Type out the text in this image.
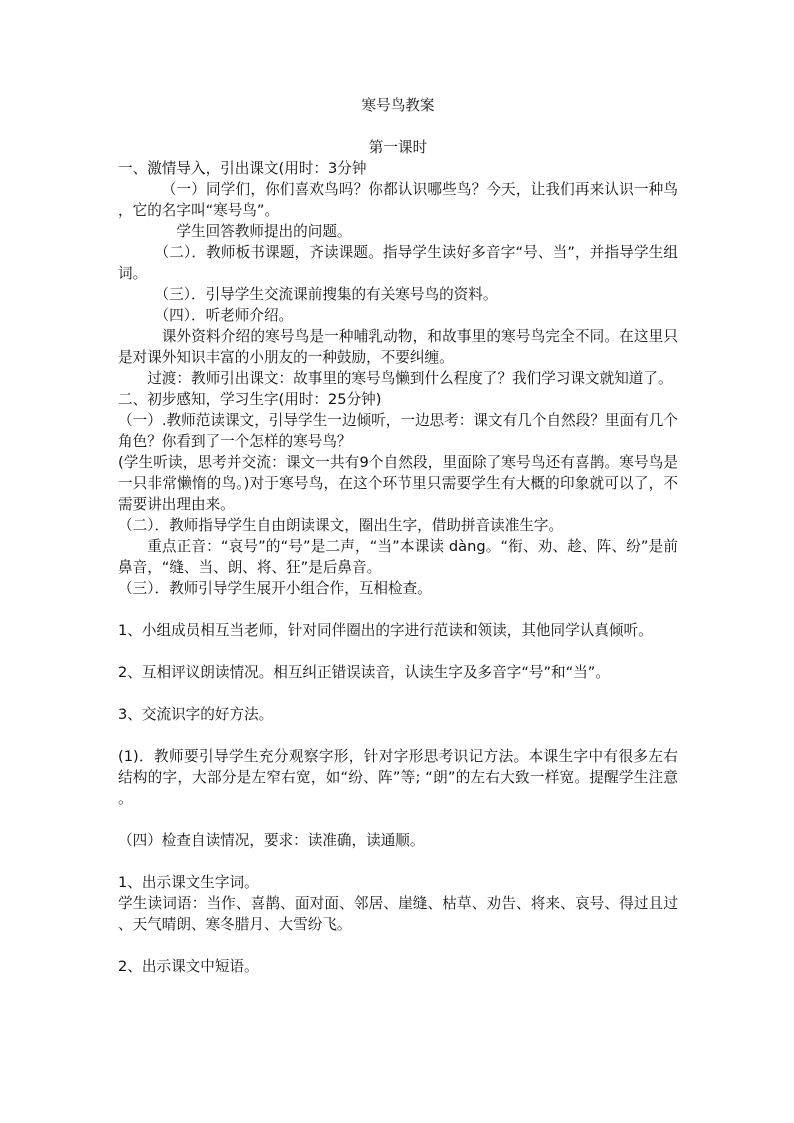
寒号鸟教案
第一课时

一、激情导入，引出课文(用时：3分钟

（一）同学们，你们喜欢鸟吗？你都认识哪些鸟？今天，让我们再来认识一种鸟，它的名字叫“寒号鸟”。

学生回答教师提出的问题。

（二）．教师板书课题，齐读课题。指导学生读好多音字“号、当”，并指导学生组词。

（三）．引导学生交流课前搜集的有关寒号鸟的资料。

（四）．听老师介绍。

课外资料介绍的寒号鸟是一种哺乳动物，和故事里的寒号鸟完全不同。在这里只是对课外知识丰富的小朋友的一种鼓励，不要纠缠。

过渡：教师引出课文：故事里的寒号鸟懒到什么程度了？我们学习课文就知道了。

二、初步感知，学习生字(用时：25分钟)

（一）.教师范读课文，引导学生一边倾听，一边思考：课文有几个自然段？里面有几个角色？你看到了一个怎样的寒号鸟？

(学生听读，思考并交流：课文一共有9个自然段，里面除了寒号鸟还有喜鹊。寒号鸟是一只非常懒惰的鸟。)对于寒号鸟，在这个环节里只需要学生有大概的印象就可以了，不需要讲出理由来。

（二）．教师指导学生自由朗读课文，圈出生字，借助拼音读准生字。

重点正音：“哀号”的“号”是二声，“当”本课读 dàng。“衔、劝、趁、阵、纷”是前鼻音，“缝、当、朗、将、狂”是后鼻音。

（三）．教师引导学生展开小组合作，互相检查。

1、小组成员相互当老师，针对同伴圈出的字进行范读和领读，其他同学认真倾听。

2、互相评议朗读情况。相互纠正错误读音，认读生字及多音字“号”和“当”。

3、交流识字的好方法。

(1)．教师要引导学生充分观察字形，针对字形思考识记方法。本课生字中有很多左右结构的字，大部分是左窄右宽，如“纷、阵”等; “朗”的左右大致一样宽。提醒学生注意。

（四）检查自读情况，要求：读准确，读通顺。

1、出示课文生字词。

学生读词语：当作、喜鹊、面对面、邻居、崖缝、枯草、劝告、将来、哀号、得过且过、天气晴朗、寒冬腊月、大雪纷飞。

2、出示课文中短语。
